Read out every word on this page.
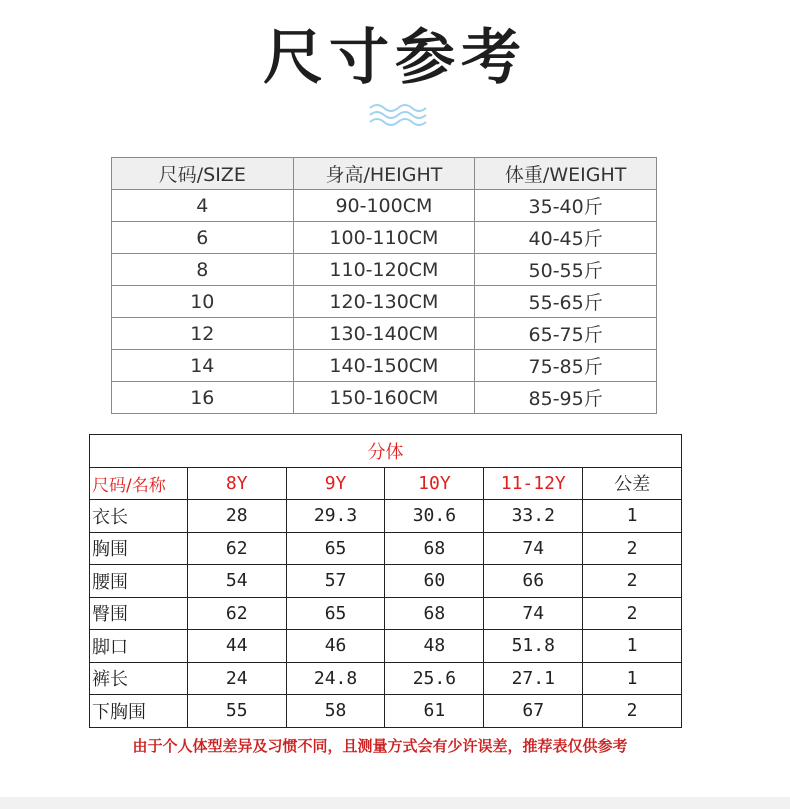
尺寸参考
尺码/SIZE	身高/HEIGHT	体重/WEIGHT
4	90-100CM	35-40斤
6	100-110CM	40-45斤
8	110-120CM	50-55斤
10	120-130CM	55-65斤
12	130-140CM	65-75斤
14	140-150CM	75-85斤
16	150-160CM	85-95斤
分体					
尺码/名称	8Y	9Y	10Y	11-12Y	公差
衣长	28	29.3	30.6	33.2	1
胸围	62	65	68	74	2
腰围	54	57	60	66	2
臀围	62	65	68	74	2
脚口	44	46	48	51.8	1
裤长	24	24.8	25.6	27.1	1
下胸围	55	58	61	67	2
由于个人体型差异及习惯不同，且测量方式会有少许误差，推荐表仅供参考
